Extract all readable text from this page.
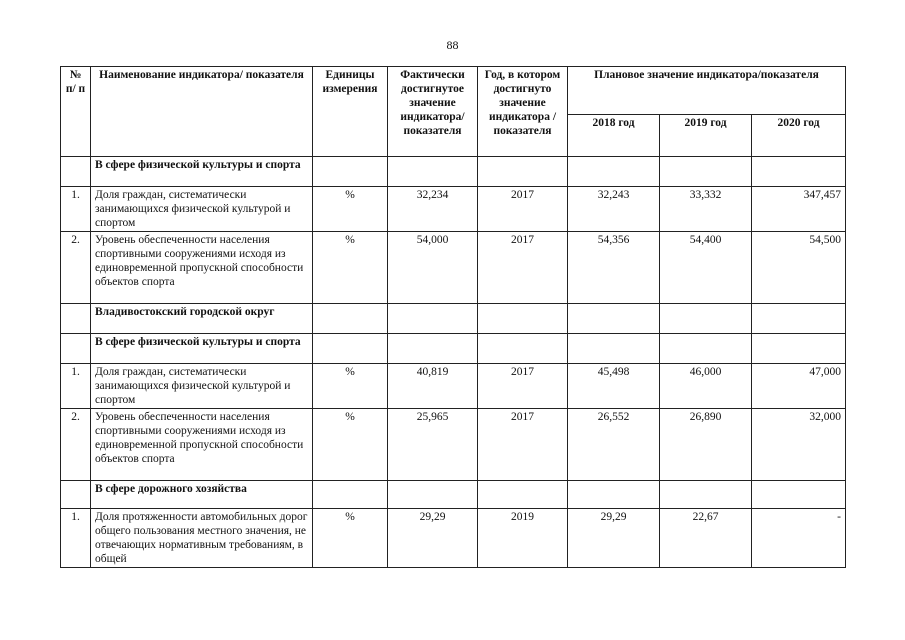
88
№ п/ п	Наименование индикатора/ показателя	Единицы измерения	Фактически достигнутое значение индикатора/ показателя	Год, в котором достигнуто значение индикатора /показателя	Плановое значение индикатора/показателя		
					2018 год	2019 год	2020 год
	В сфере физической культуры и спорта						
1.	Доля граждан, систематически занимающихся физической культурой и спортом	%	32,234	2017	32,243	33,332	347,457
2.	Уровень обеспеченности населения спортивными сооружениями исходя из единовременной пропускной способности объектов спорта	%	54,000	2017	54,356	54,400	54,500
	Владивостокский городской округ						
	В сфере физической культуры и спорта						
1.	Доля граждан, систематически занимающихся физической культурой и спортом	%	40,819	2017	45,498	46,000	47,000
2.	Уровень обеспеченности населения спортивными сооружениями исходя из единовременной пропускной способности объектов спорта	%	25,965	2017	26,552	26,890	32,000
	В сфере дорожного хозяйства						
1.	Доля протяженности автомобильных дорог общего пользования местного значения, не отвечающих нормативным требованиям, в общей	%	29,29	2019	29,29	22,67	-
